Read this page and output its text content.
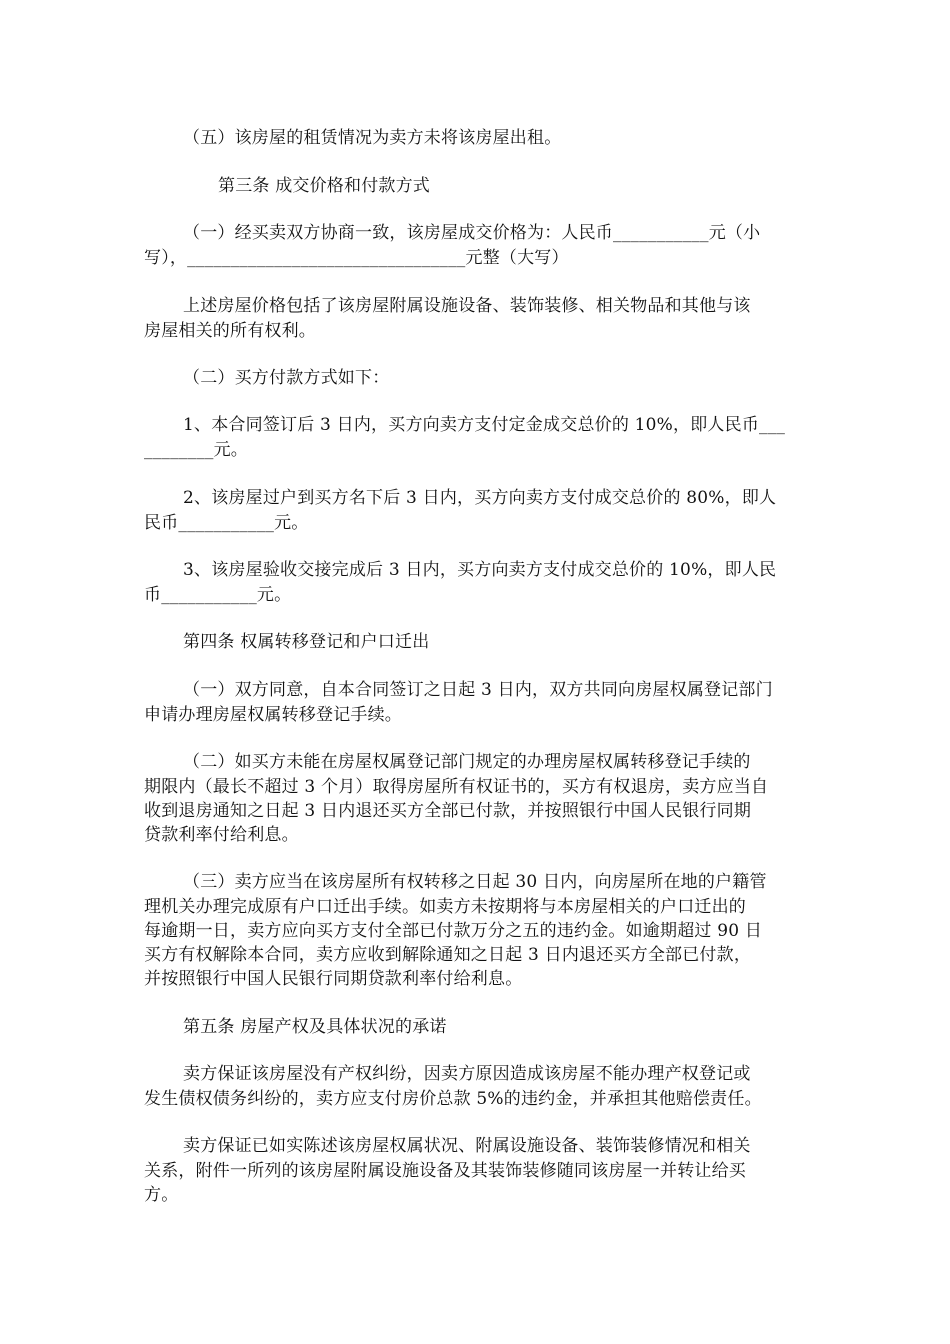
（五）该房屋的租赁情况为卖方未将该房屋出租。
第三条 成交价格和付款方式
（一）经买卖双方协商一致，该房屋成交价格为：人民币___________元（小
写），________________________________元整（大写）
上述房屋价格包括了该房屋附属设施设备、装饰装修、相关物品和其他与该
房屋相关的所有权利。
（二）买方付款方式如下：
1、本合同签订后 3 日内，买方向卖方支付定金成交总价的 10%，即人民币___
________元。
2、该房屋过户到买方名下后 3 日内，买方向卖方支付成交总价的 80%，即人
民币___________元。
3、该房屋验收交接完成后 3 日内，买方向卖方支付成交总价的 10%，即人民
币___________元。
第四条 权属转移登记和户口迁出
（一）双方同意，自本合同签订之日起 3 日内，双方共同向房屋权属登记部门
申请办理房屋权属转移登记手续。
（二）如买方未能在房屋权属登记部门规定的办理房屋权属转移登记手续的
期限内（最长不超过 3 个月）取得房屋所有权证书的，买方有权退房，卖方应当自
收到退房通知之日起 3 日内退还买方全部已付款，并按照银行中国人民银行同期
贷款利率付给利息。
（三）卖方应当在该房屋所有权转移之日起 30 日内，向房屋所在地的户籍管
理机关办理完成原有户口迁出手续。如卖方未按期将与本房屋相关的户口迁出的
每逾期一日，卖方应向买方支付全部已付款万分之五的违约金。如逾期超过 90 日
买方有权解除本合同，卖方应收到解除通知之日起 3 日内退还买方全部已付款，
并按照银行中国人民银行同期贷款利率付给利息。
第五条 房屋产权及具体状况的承诺
卖方保证该房屋没有产权纠纷，因卖方原因造成该房屋不能办理产权登记或
发生债权债务纠纷的，卖方应支付房价总款 5%的违约金，并承担其他赔偿责任。
卖方保证已如实陈述该房屋权属状况、附属设施设备、装饰装修情况和相关
关系，附件一所列的该房屋附属设施设备及其装饰装修随同该房屋一并转让给买
方。
